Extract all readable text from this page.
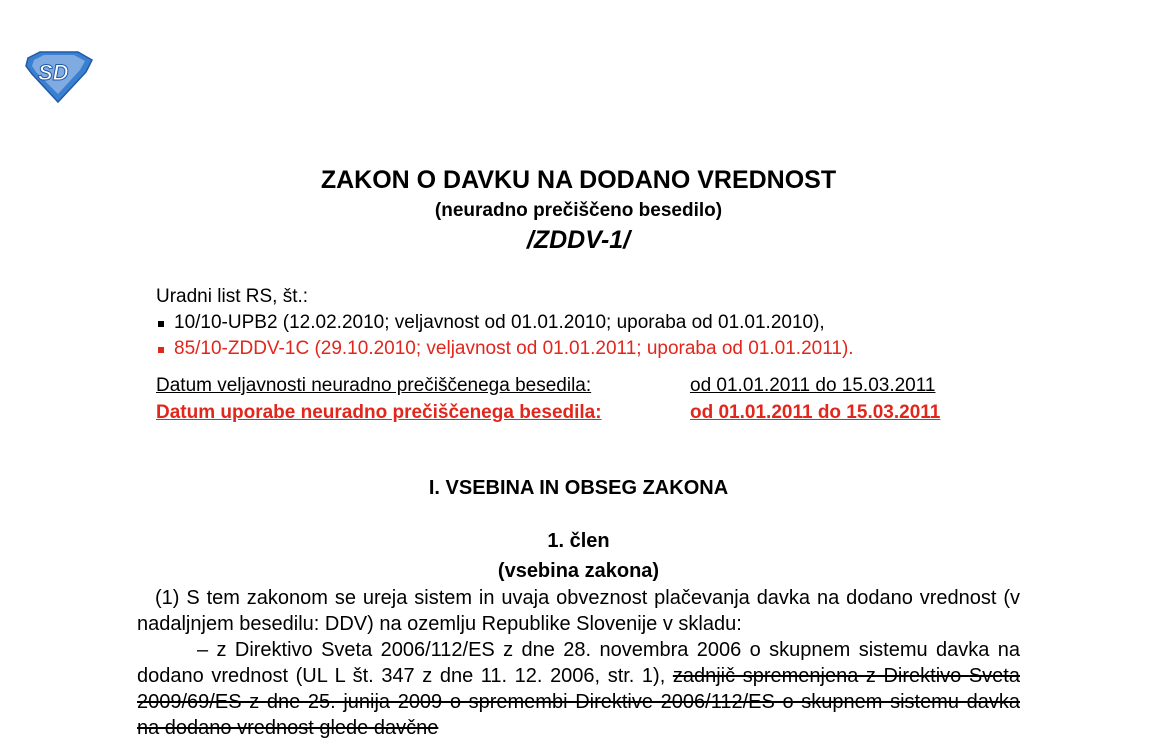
SD
ZAKON O DAVKU NA DODANO VREDNOST
(neuradno prečiščeno besedilo)
/ZDDV-1/
Uradni list RS, št.:
10/10-UPB2 (12.02.2010; veljavnost od 01.01.2010; uporaba od 01.01.2010),
85/10-ZDDV-1C (29.10.2010; veljavnost od 01.01.2011; uporaba od 01.01.2011).
Datum veljavnosti neuradno prečiščenega besedila:	od 01.01.2011 do 15.03.2011
Datum uporabe neuradno prečiščenega besedila:	od 01.01.2011 do 15.03.2011
I. VSEBINA IN OBSEG ZAKONA
1. člen
(vsebina zakona)

(1) S tem zakonom se ureja sistem in uvaja obveznost plačevanja davka na dodano vrednost (v nadaljnjem besedilu: DDV) na ozemlju Republike Slovenije v skladu:

– z Direktivo Sveta 2006/112/ES z dne 28. novembra 2006 o skupnem sistemu davka na dodano vrednost (UL L št. 347 z dne 11. 12. 2006, str. 1), zadnjič spremenjena z Direktivo Sveta 2009/69/ES z dne 25. junija 2009 o spremembi Direktive 2006/112/ES o skupnem sistemu davka na dodano vrednost glede davčne
